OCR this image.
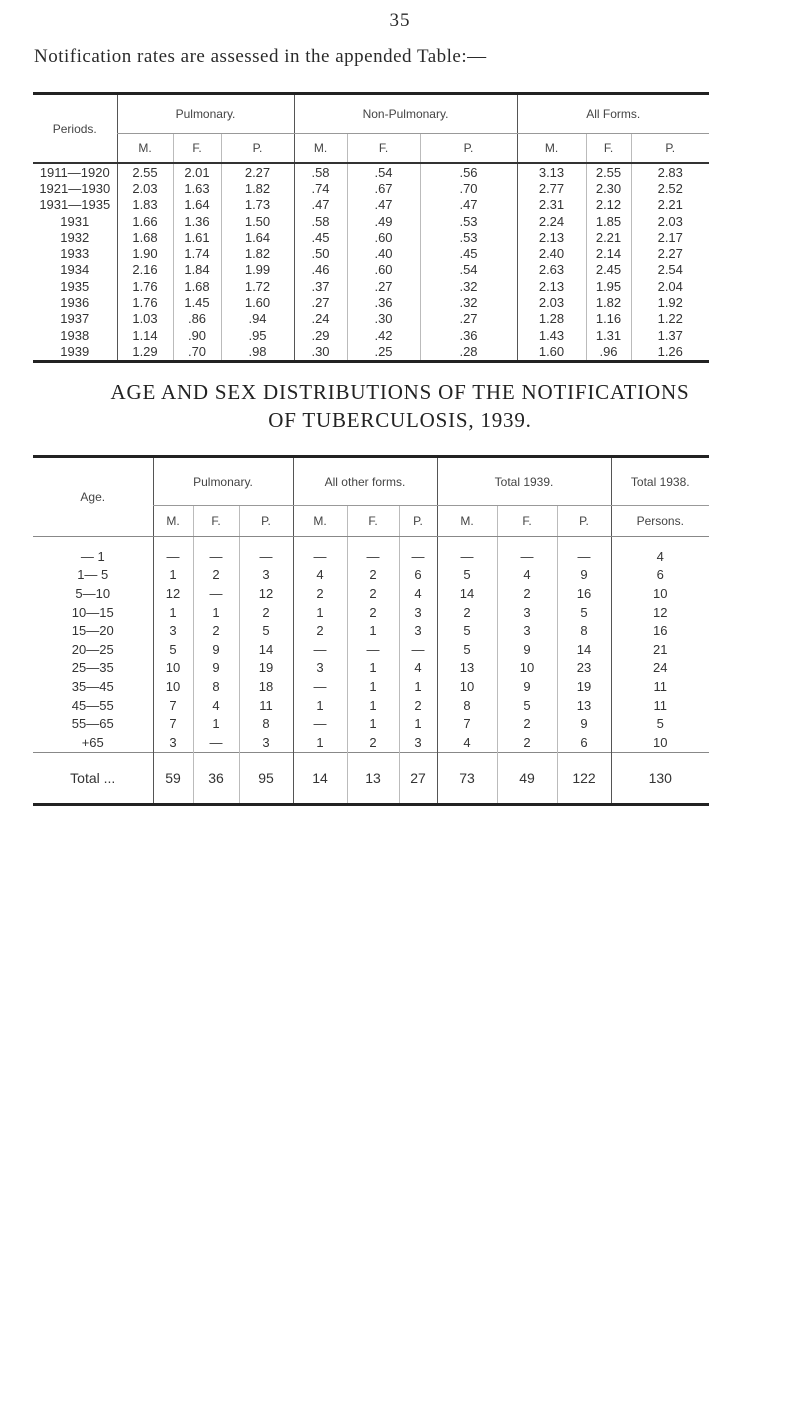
35
Notification rates are assessed in the appended Table:—
Periods.	Pulmonary.			Non-Pulmonary.			All Forms.		
	M.	F.	P.	M.	F.	P.	M.	F.	P.
1911—1920	2.55	2.01	2.27	.58	.54	.56	3.13	2.55	2.83
1921—1930	2.03	1.63	1.82	.74	.67	.70	2.77	2.30	2.52
1931—1935	1.83	1.64	1.73	.47	.47	.47	2.31	2.12	2.21
1931	1.66	1.36	1.50	.58	.49	.53	2.24	1.85	2.03
1932	1.68	1.61	1.64	.45	.60	.53	2.13	2.21	2.17
1933	1.90	1.74	1.82	.50	.40	.45	2.40	2.14	2.27
1934	2.16	1.84	1.99	.46	.60	.54	2.63	2.45	2.54
1935	1.76	1.68	1.72	.37	.27	.32	2.13	1.95	2.04
1936	1.76	1.45	1.60	.27	.36	.32	2.03	1.82	1.92
1937	1.03	.86	.94	.24	.30	.27	1.28	1.16	1.22
1938	1.14	.90	.95	.29	.42	.36	1.43	1.31	1.37
1939	1.29	.70	.98	.30	.25	.28	1.60	.96	1.26
AGE AND SEX DISTRIBUTIONS OF THE NOTIFICATIONS
OF TUBERCULOSIS, 1939.
Age.	Pulmonary.			All other forms.			Total 1939.			Total 1938.
	M.	F.	P.	M.	F.	P.	M.	F.	P.	Persons.

— 1	—	—	—	—	—	—	—	—	—	4
1— 5	1	2	3	4	2	6	5	4	9	6
5—10	12	—	12	2	2	4	14	2	16	10
10—15	1	1	2	1	2	3	2	3	5	12
15—20	3	2	5	2	1	3	5	3	8	16
20—25	5	9	14	—	—	—	5	9	14	21
25—35	10	9	19	3	1	4	13	10	23	24
35—45	10	8	18	—	1	1	10	9	19	11
45—55	7	4	11	1	1	2	8	5	13	11
55—65	7	1	8	—	1	1	7	2	9	5
+65	3	—	3	1	2	3	4	2	6	10
Total ...	59	36	95	14	13	27	73	49	122	130
